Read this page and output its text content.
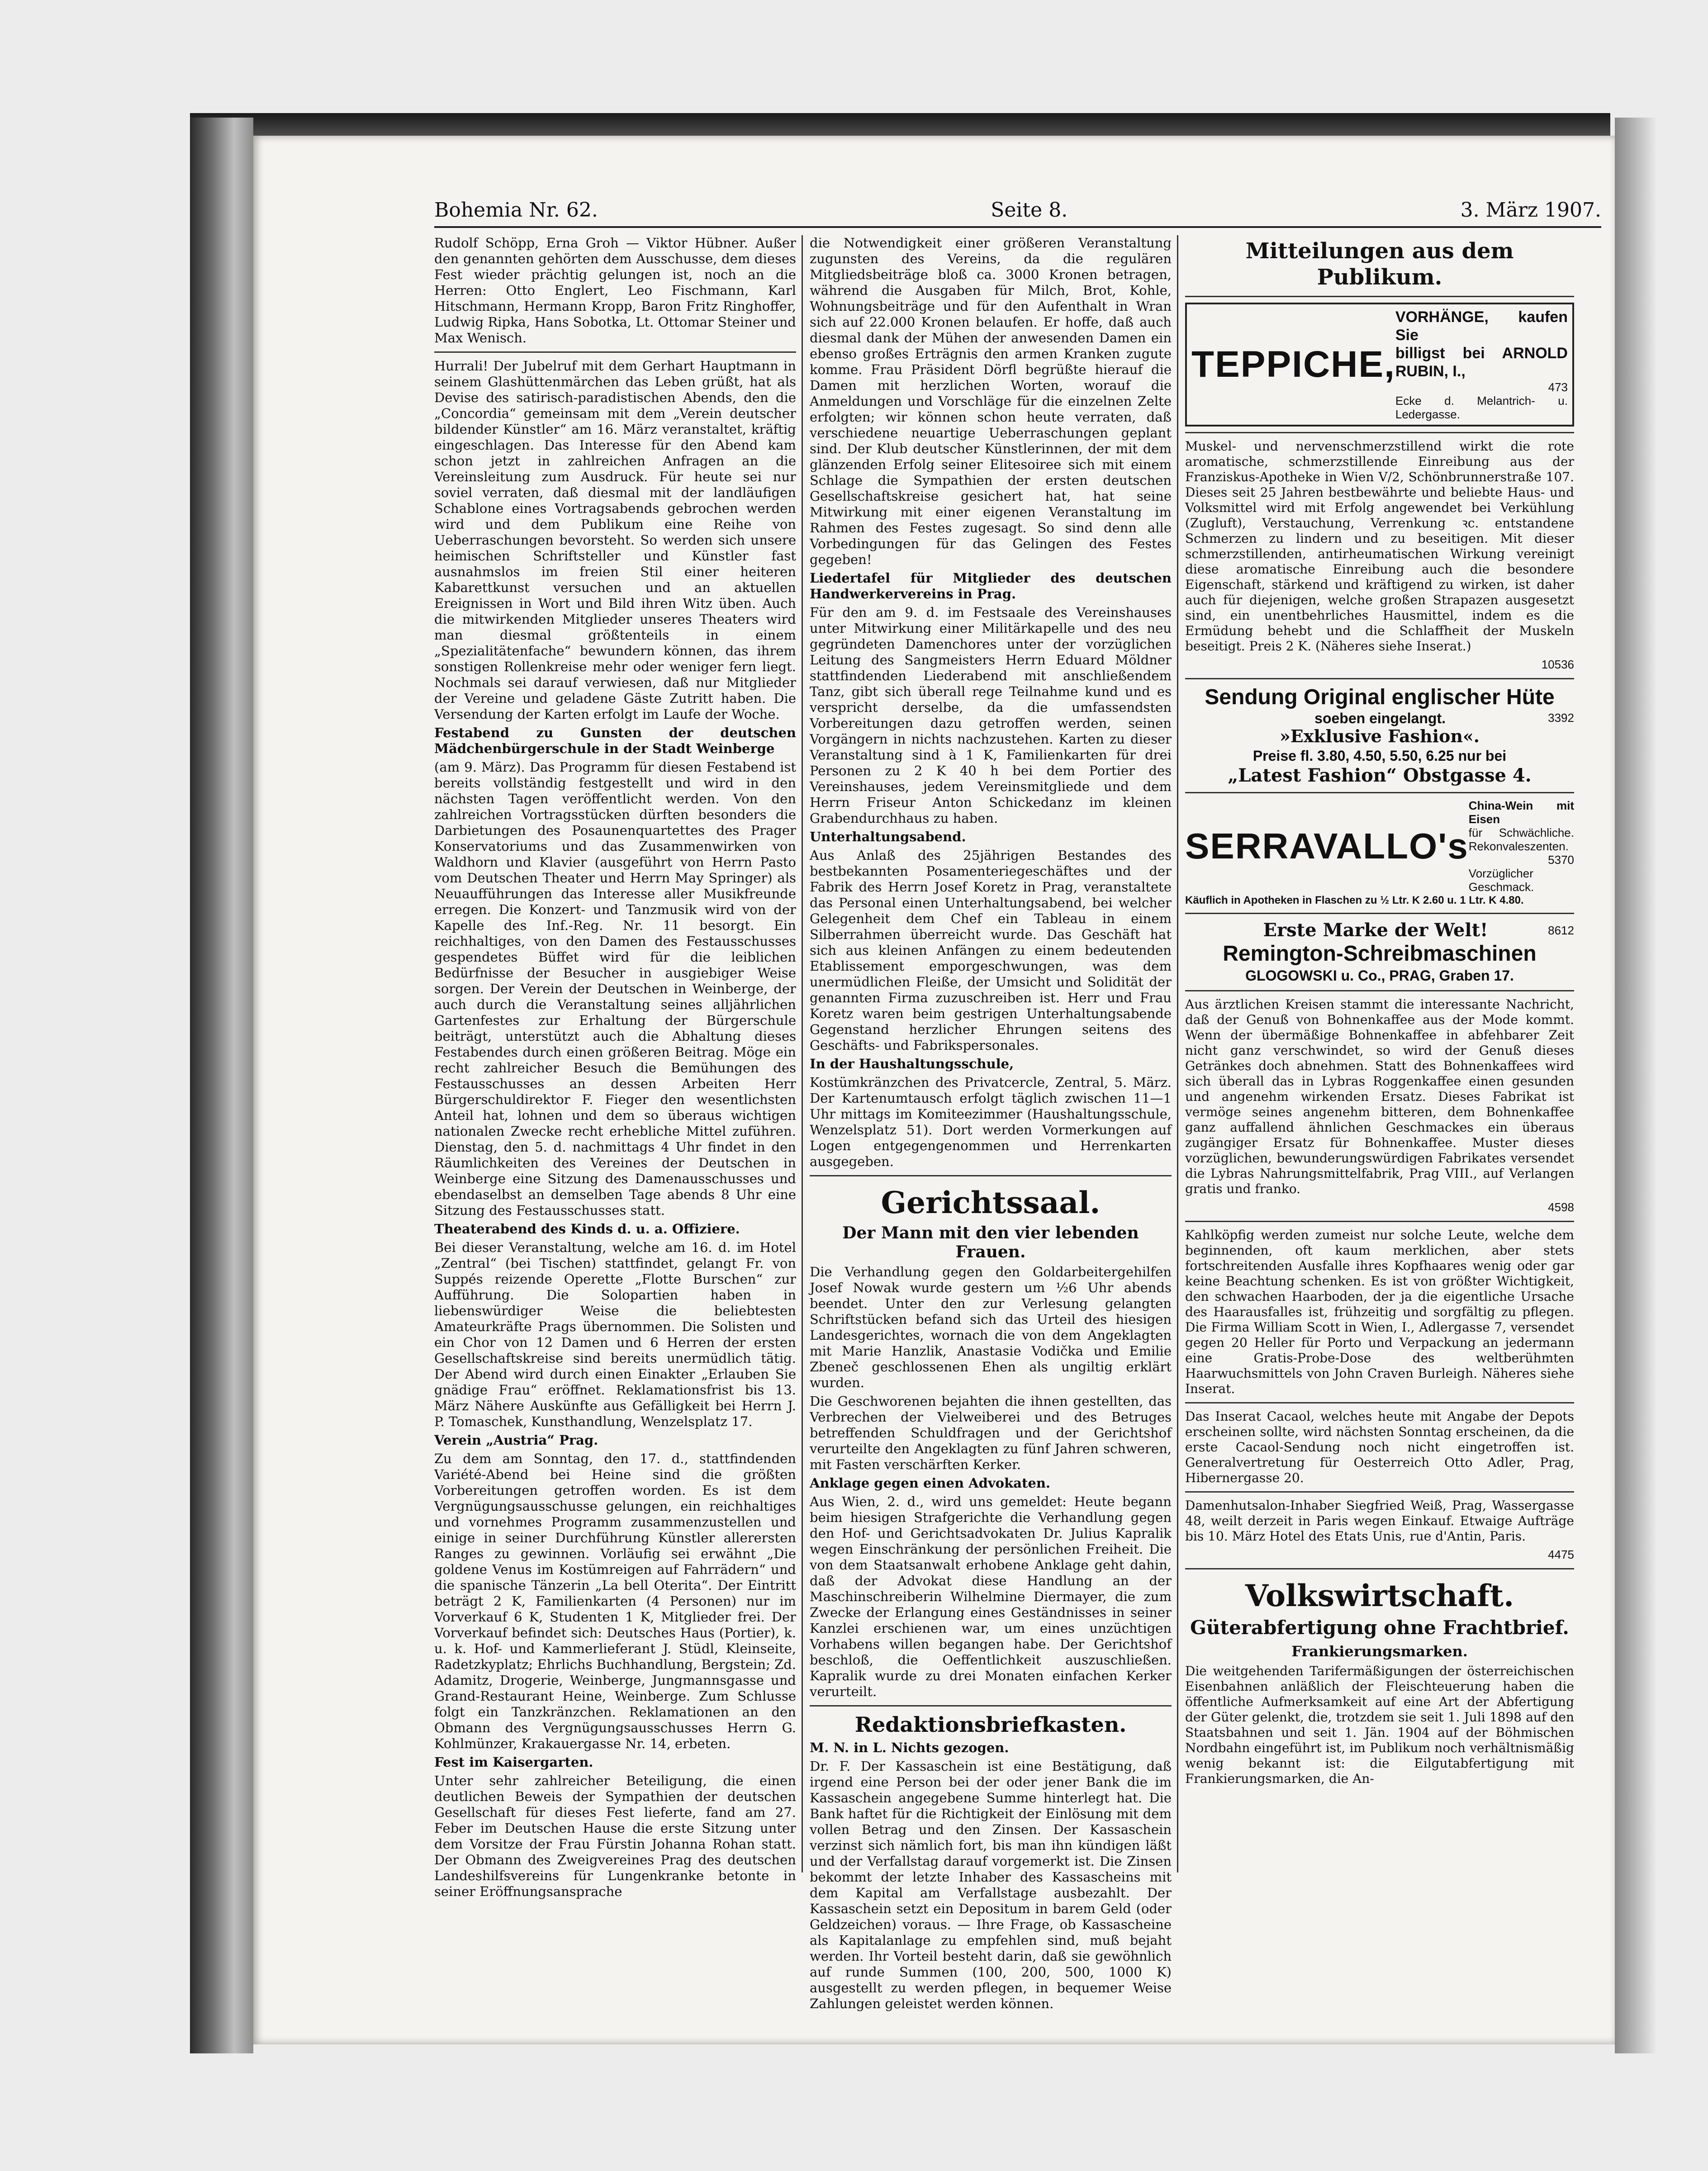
Bohemia Nr. 62.	Seite 8.	3. März 1907.

Rudolf Schöpp, Erna Groh — Viktor Hübner. Außer den genannten gehörten dem Ausschusse, dem dieses Fest wieder prächtig gelungen ist, noch an die Herren: Otto Englert, Leo Fischmann, Karl Hitschmann, Hermann Kropp, Baron Fritz Ringhoffer, Ludwig Ripka, Hans Sobotka, Lt. Ottomar Steiner und Max Wenisch.

Hurrali! Der Jubelruf mit dem Gerhart Hauptmann in seinem Glashüttenmärchen das Leben grüßt, hat als Devise des satirisch-paradistischen Abends, den die „Concordia“ gemeinsam mit dem „Verein deutscher bildender Künstler“ am 16. März veranstaltet, kräftig eingeschlagen. Das Interesse für den Abend kam schon jetzt in zahlreichen Anfragen an die Vereinsleitung zum Ausdruck. Für heute sei nur soviel verraten, daß diesmal mit der landläufigen Schablone eines Vortragsabends gebrochen werden wird und dem Publikum eine Reihe von Ueberraschungen bevorsteht. So werden sich unsere heimischen Schriftsteller und Künstler fast ausnahmslos im freien Stil einer heiteren Kabarettkunst versuchen und an aktuellen Ereignissen in Wort und Bild ihren Witz üben. Auch die mitwirkenden Mitglieder unseres Theaters wird man diesmal größtenteils in einem „Spezialitätenfache“ bewundern können, das ihrem sonstigen Rollenkreise mehr oder weniger fern liegt. Nochmals sei darauf verwiesen, daß nur Mitglieder der Vereine und geladene Gäste Zutritt haben. Die Versendung der Karten erfolgt im Laufe der Woche.

Festabend zu Gunsten der deutschen Mädchenbürgerschule in der Stadt Weinberge

(am 9. März). Das Programm für diesen Festabend ist bereits vollständig festgestellt und wird in den nächsten Tagen veröffentlicht werden. Von den zahlreichen Vortragsstücken dürften besonders die Darbietungen des Posaunenquartettes des Prager Konservatoriums und das Zusammenwirken von Waldhorn und Klavier (ausgeführt von Herrn Pasto vom Deutschen Theater und Herrn May Springer) als Neuaufführungen das Interesse aller Musikfreunde erregen. Die Konzert- und Tanzmusik wird von der Kapelle des Inf.-Reg. Nr. 11 besorgt. Ein reichhaltiges, von den Damen des Festausschusses gespendetes Büffet wird für die leiblichen Bedürfnisse der Besucher in ausgiebiger Weise sorgen. Der Verein der Deutschen in Weinberge, der auch durch die Veranstaltung seines alljährlichen Gartenfestes zur Erhaltung der Bürgerschule beiträgt, unterstützt auch die Abhaltung dieses Festabendes durch einen größeren Beitrag. Möge ein recht zahlreicher Besuch die Bemühungen des Festausschusses an dessen Arbeiten Herr Bürgerschuldirektor F. Fieger den wesentlichsten Anteil hat, lohnen und dem so überaus wichtigen nationalen Zwecke recht erhebliche Mittel zuführen. Dienstag, den 5. d. nachmittags 4 Uhr findet in den Räumlichkeiten des Vereines der Deutschen in Weinberge eine Sitzung des Damenausschusses und ebendaselbst an demselben Tage abends 8 Uhr eine Sitzung des Festausschusses statt.

Theaterabend des Kinds d. u. a. Offiziere.

Bei dieser Veranstaltung, welche am 16. d. im Hotel „Zentral“ (bei Tischen) stattfindet, gelangt Fr. von Suppés reizende Operette „Flotte Burschen“ zur Aufführung. Die Solopartien haben in liebenswürdiger Weise die beliebtesten Amateurkräfte Prags übernommen. Die Solisten und ein Chor von 12 Damen und 6 Herren der ersten Gesellschaftskreise sind bereits unermüdlich tätig. Der Abend wird durch einen Einakter „Erlauben Sie gnädige Frau“ eröffnet. Reklamationsfrist bis 13. März Nähere Auskünfte aus Gefälligkeit bei Herrn J. P. Tomaschek, Kunsthandlung, Wenzelsplatz 17.

Verein „Austria“ Prag.

Zu dem am Sonntag, den 17. d., stattfindenden Variété-Abend bei Heine sind die größten Vorbereitungen getroffen worden. Es ist dem Vergnügungsausschusse gelungen, ein reichhaltiges und vornehmes Programm zusammenzustellen und einige in seiner Durchführung Künstler allerersten Ranges zu gewinnen. Vorläufig sei erwähnt „Die goldene Venus im Kostümreigen auf Fahrrädern“ und die spanische Tänzerin „La bell Oterita“. Der Eintritt beträgt 2 K, Familienkarten (4 Personen) nur im Vorverkauf 6 K, Studenten 1 K, Mitglieder frei. Der Vorverkauf befindet sich: Deutsches Haus (Portier), k. u. k. Hof- und Kammerlieferant J. Stüdl, Kleinseite, Radetzkyplatz; Ehrlichs Buchhandlung, Bergstein; Zd. Adamitz, Drogerie, Weinberge, Jungmannsgasse und Grand-Restaurant Heine, Weinberge. Zum Schlusse folgt ein Tanzkränzchen. Reklamationen an den Obmann des Vergnügungsausschusses Herrn G. Kohlmünzer, Krakauergasse Nr. 14, erbeten.

Fest im Kaisergarten.

Unter sehr zahlreicher Beteiligung, die einen deutlichen Beweis der Sympathien der deutschen Gesellschaft für dieses Fest lieferte, fand am 27. Feber im Deutschen Hause die erste Sitzung unter dem Vorsitze der Frau Fürstin Johanna Rohan statt. Der Obmann des Zweigvereines Prag des deutschen Landeshilfsvereins für Lungenkranke betonte in seiner Eröffnungsansprache

die Notwendigkeit einer größeren Veranstaltung zugunsten des Vereins, da die regulären Mitgliedsbeiträge bloß ca. 3000 Kronen betragen, während die Ausgaben für Milch, Brot, Kohle, Wohnungsbeiträge und für den Aufenthalt in Wran sich auf 22.000 Kronen belaufen. Er hoffe, daß auch diesmal dank der Mühen der anwesenden Damen ein ebenso großes Erträgnis den armen Kranken zugute komme. Frau Präsident Dörfl begrüßte hierauf die Damen mit herzlichen Worten, worauf die Anmeldungen und Vorschläge für die einzelnen Zelte erfolgten; wir können schon heute verraten, daß verschiedene neuartige Ueberraschungen geplant sind. Der Klub deutscher Künstlerinnen, der mit dem glänzenden Erfolg seiner Elitesoiree sich mit einem Schlage die Sympathien der ersten deutschen Gesellschaftskreise gesichert hat, hat seine Mitwirkung mit einer eigenen Veranstaltung im Rahmen des Festes zugesagt. So sind denn alle Vorbedingungen für das Gelingen des Festes gegeben!

Liedertafel für Mitglieder des deutschen Handwerkervereins in Prag.

Für den am 9. d. im Festsaale des Vereinshauses unter Mitwirkung einer Militärkapelle und des neu gegründeten Damenchores unter der vorzüglichen Leitung des Sangmeisters Herrn Eduard Möldner stattfindenden Liederabend mit anschließendem Tanz, gibt sich überall rege Teilnahme kund und es verspricht derselbe, da die umfassendsten Vorbereitungen dazu getroffen werden, seinen Vorgängern in nichts nachzustehen. Karten zu dieser Veranstaltung sind à 1 K, Familienkarten für drei Personen zu 2 K 40 h bei dem Portier des Vereinshauses, jedem Vereinsmitgliede und dem Herrn Friseur Anton Schickedanz im kleinen Grabendurchhaus zu haben.

Unterhaltungsabend.

Aus Anlaß des 25jährigen Bestandes des bestbekannten Posamenteriegeschäftes und der Fabrik des Herrn Josef Koretz in Prag, veranstaltete das Personal einen Unterhaltungsabend, bei welcher Gelegenheit dem Chef ein Tableau in einem Silberrahmen überreicht wurde. Das Geschäft hat sich aus kleinen Anfängen zu einem bedeutenden Etablissement emporgeschwungen, was dem unermüdlichen Fleiße, der Umsicht und Solidität der genannten Firma zuzuschreiben ist. Herr und Frau Koretz waren beim gestrigen Unterhaltungsabende Gegenstand herzlicher Ehrungen seitens des Geschäfts- und Fabrikspersonales.

In der Haushaltungsschule,

Kostümkränzchen des Privatcercle, Zentral, 5. März. Der Kartenumtausch erfolgt täglich zwischen 11—1 Uhr mittags im Komiteezimmer (Haushaltungsschule, Wenzelsplatz 51). Dort werden Vormerkungen auf Logen entgegengenommen und Herrenkarten ausgegeben.

Gerichtssaal.
Der Mann mit den vier lebenden Frauen.

Die Verhandlung gegen den Goldarbeitergehilfen Josef Nowak wurde gestern um ½6 Uhr abends beendet. Unter den zur Verlesung gelangten Schriftstücken befand sich das Urteil des hiesigen Landesgerichtes, wornach die von dem Angeklagten mit Marie Hanzlik, Anastasie Vodička und Emilie Zbeneč geschlossenen Ehen als ungiltig erklärt wurden.

Die Geschworenen bejahten die ihnen gestellten, das Verbrechen der Vielweiberei und des Betruges betreffenden Schuldfragen und der Gerichtshof verurteilte den Angeklagten zu fünf Jahren schweren, mit Fasten verschärften Kerker.

Anklage gegen einen Advokaten.

Aus Wien, 2. d., wird uns gemeldet: Heute begann beim hiesigen Strafgerichte die Verhandlung gegen den Hof- und Gerichtsadvokaten Dr. Julius Kapralik wegen Einschränkung der persönlichen Freiheit. Die von dem Staatsanwalt erhobene Anklage geht dahin, daß der Advokat diese Handlung an der Maschinschreiberin Wilhelmine Diermayer, die zum Zwecke der Erlangung eines Geständnisses in seiner Kanzlei erschienen war, um eines unzüchtigen Vorhabens willen begangen habe. Der Gerichtshof beschloß, die Oeffentlichkeit auszuschließen. Kapralik wurde zu drei Monaten einfachen Kerker verurteilt.

Redaktionsbriefkasten.

M. N. in L. Nichts gezogen.

Dr. F. Der Kassaschein ist eine Bestätigung, daß irgend eine Person bei der oder jener Bank die im Kassaschein angegebene Summe hinterlegt hat. Die Bank haftet für die Richtigkeit der Einlösung mit dem vollen Betrag und den Zinsen. Der Kassaschein verzinst sich nämlich fort, bis man ihn kündigen läßt und der Verfallstag darauf vorgemerkt ist. Die Zinsen bekommt der letzte Inhaber des Kassascheins mit dem Kapital am Verfallstage ausbezahlt. Der Kassaschein setzt ein Depositum in barem Geld (oder Geldzeichen) voraus. — Ihre Frage, ob Kassascheine als Kapitalanlage zu empfehlen sind, muß bejaht werden. Ihr Vorteil besteht darin, daß sie gewöhnlich auf runde Summen (100, 200, 500, 1000 K) ausgestellt zu werden pflegen, in bequemer Weise Zahlungen geleistet werden können.

Mitteilungen aus dem Publikum.
TEPPICHE,
VORHÄNGE, kaufen Sie
billigst bei ARNOLD RUBIN, I.,
473
Ecke d. Melantrich- u. Ledergasse.

Muskel- und nervenschmerzstillend wirkt die rote aromatische, schmerzstillende Einreibung aus der Franziskus-Apotheke in Wien V/2, Schönbrunnerstraße 107. Dieses seit 25 Jahren bestbewährte und beliebte Haus- und Volksmittel wird mit Erfolg angewendet bei Verkühlung (Zugluft), Verstauchung, Verrenkung ꝛc. entstandene Schmerzen zu lindern und zu beseitigen. Mit dieser schmerzstillenden, antirheumatischen Wirkung vereinigt diese aromatische Einreibung auch die besondere Eigenschaft, stärkend und kräftigend zu wirken, ist daher auch für diejenigen, welche großen Strapazen ausgesetzt sind, ein unentbehrliches Hausmittel, indem es die Ermüdung behebt und die Schlaffheit der Muskeln beseitigt. Preis 2 K. (Näheres siehe Inserat.)

10536
Sendung Original englischer Hüte
soeben eingelangt.	3392
»Exklusive Fashion«.
Preise fl. 3.80, 4.50, 5.50, 6.25 nur bei
„Latest Fashion“ Obstgasse 4.
SERRAVALLO's
China-Wein mit Eisen
für Schwächliche. Rekonvaleszenten.
5370
Vorzüglicher Geschmack.
Käuflich in Apotheken in Flaschen zu ½ Ltr. K 2.60 u. 1 Ltr. K 4.80.
Erste Marke der Welt!	8612
Remington-Schreibmaschinen
GLOGOWSKI u. Co., PRAG, Graben 17.

Aus ärztlichen Kreisen stammt die interessante Nachricht, daß der Genuß von Bohnenkaffee aus der Mode kommt. Wenn der übermäßige Bohnenkaffee in abfehbarer Zeit nicht ganz verschwindet, so wird der Genuß dieses Getränkes doch abnehmen. Statt des Bohnenkaffees wird sich überall das in Lybras Roggenkaffee einen gesunden und angenehm wirkenden Ersatz. Dieses Fabrikat ist vermöge seines angenehm bitteren, dem Bohnenkaffee ganz auffallend ähnlichen Geschmackes ein überaus zugängiger Ersatz für Bohnenkaffee. Muster dieses vorzüglichen, bewunderungswürdigen Fabrikates versendet die Lybras Nahrungsmittelfabrik, Prag VIII., auf Verlangen gratis und franko.

4598

Kahlköpfig werden zumeist nur solche Leute, welche dem beginnenden, oft kaum merklichen, aber stets fortschreitenden Ausfalle ihres Kopfhaares wenig oder gar keine Beachtung schenken. Es ist von größter Wichtigkeit, den schwachen Haarboden, der ja die eigentliche Ursache des Haarausfalles ist, frühzeitig und sorgfältig zu pflegen. Die Firma William Scott in Wien, I., Adlergasse 7, versendet gegen 20 Heller für Porto und Verpackung an jedermann eine Gratis-Probe-Dose des weltberühmten Haarwuchsmittels von John Craven Burleigh. Näheres siehe Inserat.

Das Inserat Cacaol, welches heute mit Angabe der Depots erscheinen sollte, wird nächsten Sonntag erscheinen, da die erste Cacaol-Sendung noch nicht eingetroffen ist. Generalvertretung für Oesterreich Otto Adler, Prag, Hibernergasse 20.

Damenhutsalon-Inhaber Siegfried Weiß, Prag, Wassergasse 48, weilt derzeit in Paris wegen Einkauf. Etwaige Aufträge bis 10. März Hotel des Etats Unis, rue d'Antin, Paris.

4475
Volkswirtschaft.
Güterabfertigung ohne Frachtbrief.
Frankierungsmarken.

Die weitgehenden Tarifermäßigungen der österreichischen Eisenbahnen anläßlich der Fleischteuerung haben die öffentliche Aufmerksamkeit auf eine Art der Abfertigung der Güter gelenkt, die, trotzdem sie seit 1. Juli 1898 auf den Staatsbahnen und seit 1. Jän. 1904 auf der Böhmischen Nordbahn eingeführt ist, im Publikum noch verhältnismäßig wenig bekannt ist: die Eilgutabfertigung mit Frankierungsmarken, die An-
